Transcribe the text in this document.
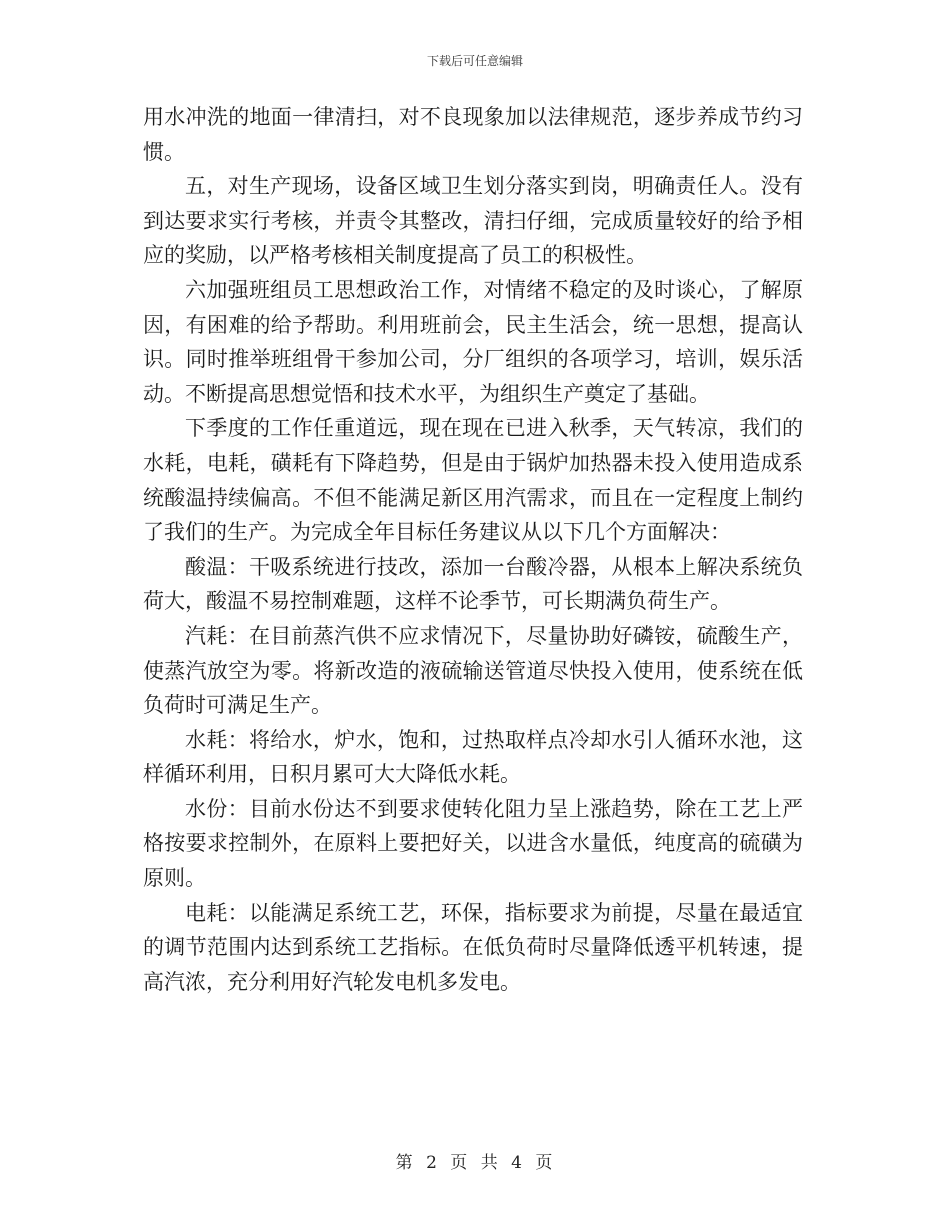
下载后可任意编辑

用水冲洗的地面一律清扫，对不良现象加以法律规范，逐步养成节约习惯。

五，对生产现场，设备区域卫生划分落实到岗，明确责任人。没有到达要求实行考核，并责令其整改，清扫仔细，完成质量较好的给予相应的奖励，以严格考核相关制度提高了员工的积极性。

六加强班组员工思想政治工作，对情绪不稳定的及时谈心，了解原因，有困难的给予帮助。利用班前会，民主生活会，统一思想，提高认识。同时推举班组骨干参加公司，分厂组织的各项学习，培训，娱乐活动。不断提高思想觉悟和技术水平，为组织生产奠定了基础。

下季度的工作任重道远，现在现在已进入秋季，天气转凉，我们的水耗，电耗，磺耗有下降趋势，但是由于锅炉加热器未投入使用造成系统酸温持续偏高。不但不能满足新区用汽需求，而且在一定程度上制约了我们的生产。为完成全年目标任务建议从以下几个方面解决：

酸温：干吸系统进行技改，添加一台酸冷器，从根本上解决系统负荷大，酸温不易控制难题，这样不论季节，可长期满负荷生产。

汽耗：在目前蒸汽供不应求情况下，尽量协助好磷铵，硫酸生产，使蒸汽放空为零。将新改造的液硫输送管道尽快投入使用，使系统在低负荷时可满足生产。

水耗：将给水，炉水，饱和，过热取样点冷却水引人循环水池，这样循环利用，日积月累可大大降低水耗。

水份：目前水份达不到要求使转化阻力呈上涨趋势，除在工艺上严格按要求控制外，在原料上要把好关，以进含水量低，纯度高的硫磺为原则。

电耗：以能满足系统工艺，环保，指标要求为前提，尽量在最适宜的调节范围内达到系统工艺指标。在低负荷时尽量降低透平机转速，提高汽浓，充分利用好汽轮发电机多发电。

第 2 页 共 4 页
